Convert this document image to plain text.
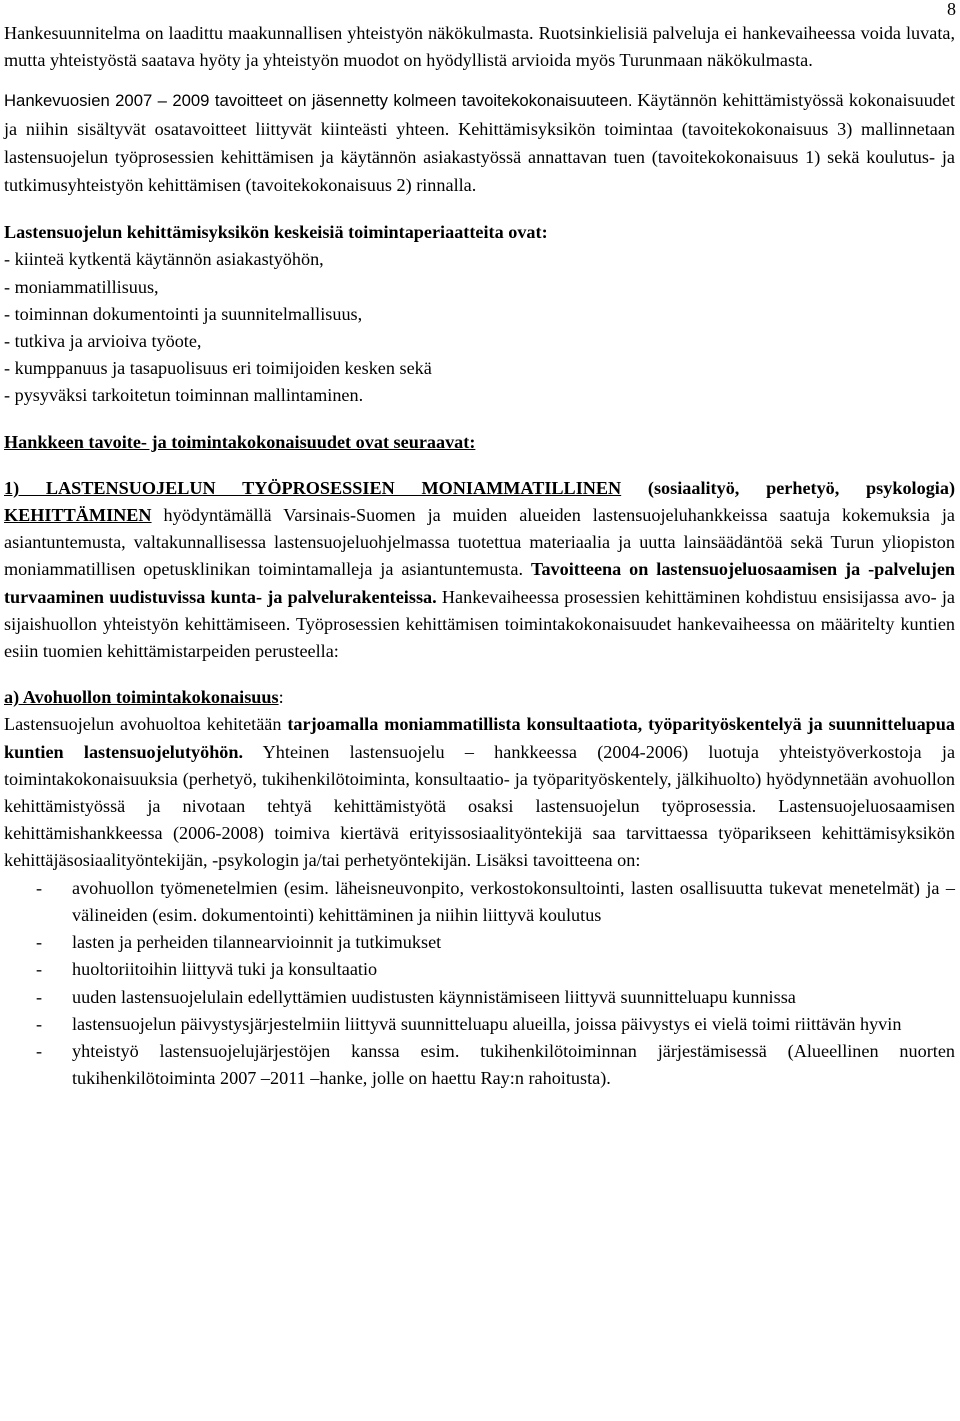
8

Hankesuunnitelma on laadittu maakunnallisen yhteistyön näkökulmasta. Ruotsinkielisiä palveluja ei hankevaiheessa voida luvata, mutta yhteistyöstä saatava hyöty ja yhteistyön muodot on hyödyllistä arvioida myös Turunmaan näkökulmasta.

Hankevuosien 2007 – 2009 tavoitteet on jäsennetty kolmeen tavoitekokonaisuuteen. Käytännön kehittämistyössä kokonaisuudet ja niihin sisältyvät osatavoitteet liittyvät kiinteästi yhteen. Kehittämisyksikön toimintaa (tavoitekokonaisuus 3) mallinnetaan lastensuojelun työprosessien kehittämisen ja käytännön asiakastyössä annattavan tuen (tavoitekokonaisuus 1) sekä koulutus- ja tutkimusyhteistyön kehittämisen (tavoitekokonaisuus 2) rinnalla.

Lastensuojelun kehittämisyksikön keskeisiä toimintaperiaatteita ovat:

- kiinteä kytkentä käytännön asiakastyöhön,
- moniammatillisuus,
- toiminnan dokumentointi ja suunnitelmallisuus,
- tutkiva ja arvioiva työote,
- kumppanuus ja tasapuolisuus eri toimijoiden kesken sekä
- pysyväksi tarkoitetun toiminnan mallintaminen.

Hankkeen tavoite- ja toimintakokonaisuudet ovat seuraavat:

1) LASTENSUOJELUN TYÖPROSESSIEN MONIAMMATILLINEN (sosiaalityö, perhetyö, psykologia) KEHITTÄMINEN hyödyntämällä Varsinais-Suomen ja muiden alueiden lastensuojeluhankkeissa saatuja kokemuksia ja asiantuntemusta, valtakunnallisessa lastensuojeluohjelmassa tuotettua materiaalia ja uutta lainsäädäntöä sekä Turun yliopiston moniammatillisen opetusklinikan toimintamalleja ja asiantuntemusta. Tavoitteena on lastensuojeluosaamisen ja -palvelujen turvaaminen uudistuvissa kunta- ja palvelurakenteissa. Hankevaiheessa prosessien kehittäminen kohdistuu ensisijassa avo- ja sijaishuollon yhteistyön kehittämiseen. Työprosessien kehittämisen toimintakokonaisuudet hankevaiheessa on määritelty kuntien esiin tuomien kehittämistarpeiden perusteella:

a) Avohuollon toimintakokonaisuus:

Lastensuojelun avohuoltoa kehitetään tarjoamalla moniammatillista konsultaatiota, työparityöskentelyä ja suunnitteluapua kuntien lastensuojelutyöhön. Yhteinen lastensuojelu – hankkeessa (2004-2006) luotuja yhteistyöverkostoja ja toimintakokonaisuuksia (perhetyö, tukihenkilötoiminta, konsultaatio- ja työparityöskentely, jälkihuolto) hyödynnetään avohuollon kehittämistyössä ja nivotaan tehtyä kehittämistyötä osaksi lastensuojelun työprosessia. Lastensuojeluosaamisen kehittämishankkeessa (2006-2008) toimiva kiertävä erityissosiaalityöntekijä saa tarvittaessa työparikseen kehittämisyksikön kehittäjäsosiaalityöntekijän, -psykologin ja/tai perhetyöntekijän. Lisäksi tavoitteena on:

- avohuollon työmenetelmien (esim. läheisneuvonpito, verkostokonsultointi, lasten osallisuutta tukevat menetelmät) ja –välineiden (esim. dokumentointi) kehittäminen ja niihin liittyvä koulutus
- lasten ja perheiden tilannearvioinnit ja tutkimukset
- huoltoriitoihin liittyvä tuki ja konsultaatio
- uuden lastensuojelulain edellyttämien uudistusten käynnistämiseen liittyvä suunnitteluapu kunnissa
- lastensuojelun päivystysjärjestelmiin liittyvä suunnitteluapu alueilla, joissa päivystys ei vielä toimi riittävän hyvin
- yhteistyö lastensuojelujärjestöjen kanssa esim. tukihenkilötoiminnan järjestämisessä (Alueellinen nuorten tukihenkilötoiminta 2007 –2011 –hanke, jolle on haettu Ray:n rahoitusta).
